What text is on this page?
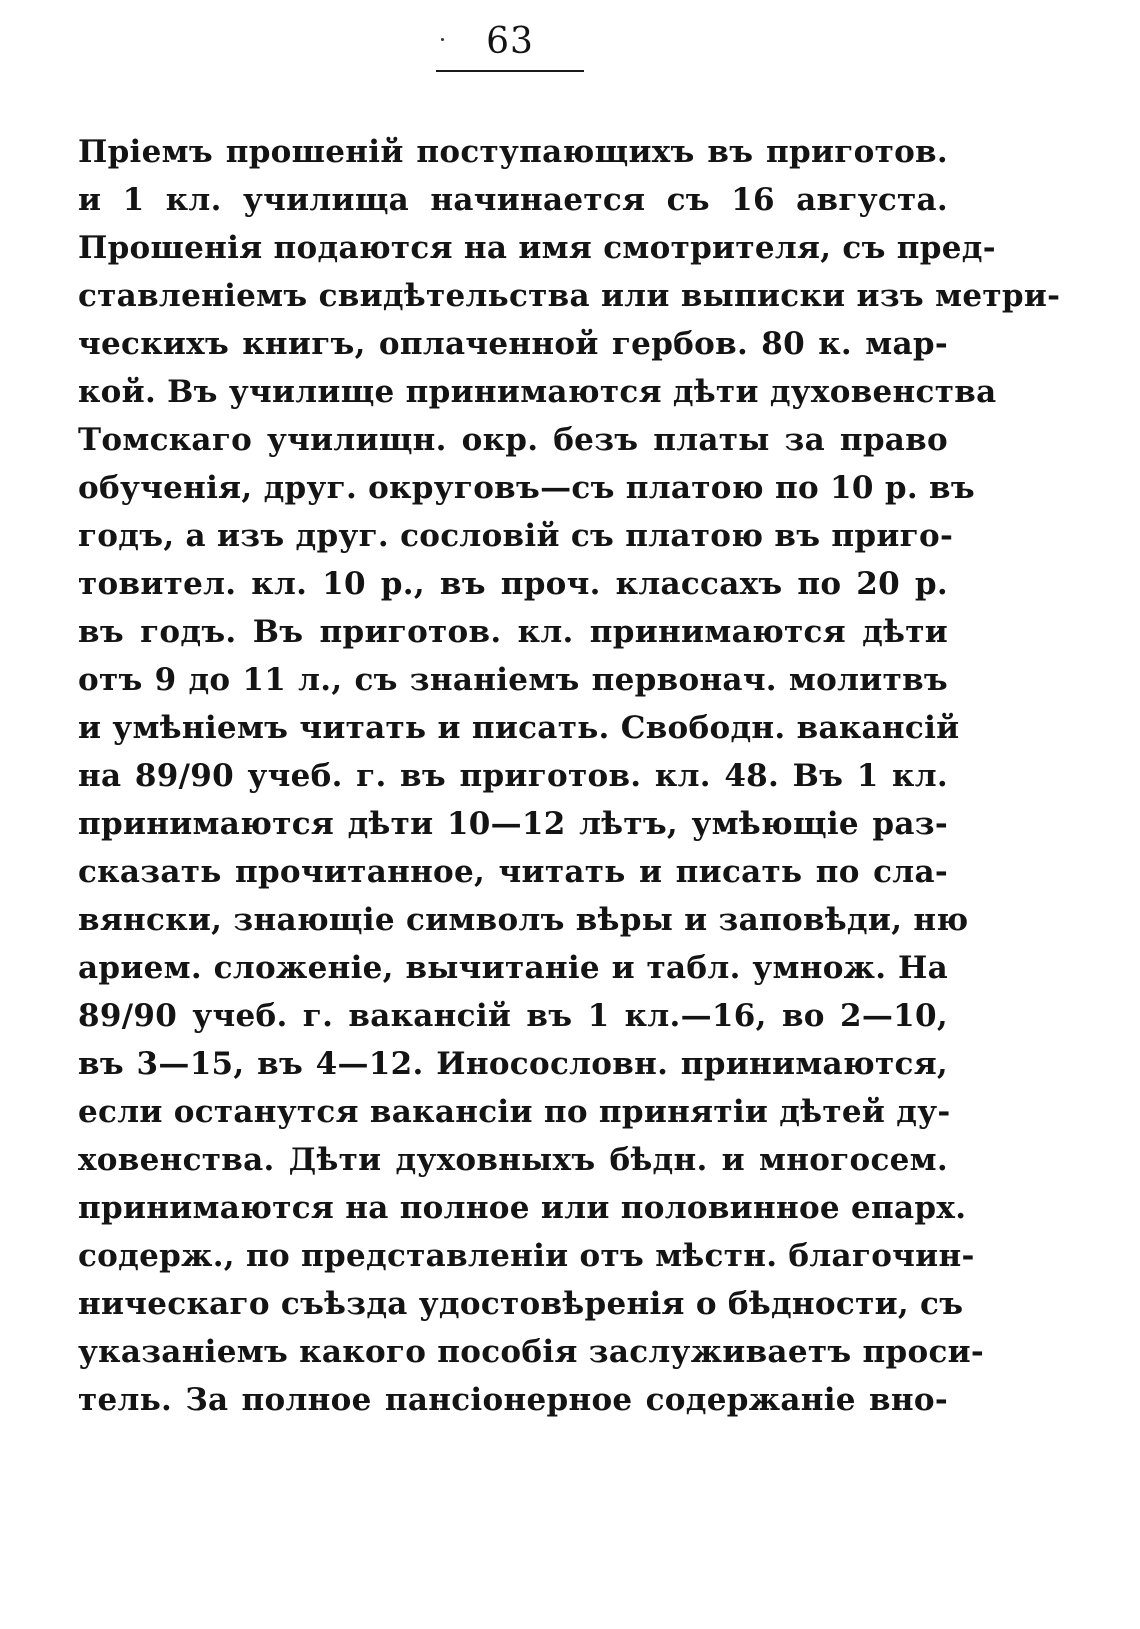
63
Прieмъ прошенiй поступающихъ въ приготов.
и 1 кл. училища начинается съ 16 августа.
Прошенiя подаются на имя смотрителя, съ пред-
ставленiемъ свидѣтельства или выписки изъ метри-
ческихъ книгъ, оплаченной гербов. 80 к. мар-
кой. Въ училище принимаются дѣти духовенства
Томскаго училищн. окр. безъ платы за право
обученiя, друг. округовъ—съ платою по 10 р. въ
годъ, а изъ друг. сословiй съ платою въ приго-
товител. кл. 10 р., въ проч. классахъ по 20 р.
въ годъ. Въ приготов. кл. принимаются дѣти
отъ 9 до 11 л., съ знанiемъ первонач. молитвъ
и умѣнiемъ читать и писать. Свободн. вакансiй
на 89/90 учеб. г. въ приготов. кл. 48. Въ 1 кл.
принимаются дѣти 10—12 лѣтъ, умѣющiе раз-
сказать прочитанное, читать и писать по сла-
вянски, знающiе символъ вѣры и заповѣди, ню
арием. сложенiе, вычитанiе и табл. умнож. На
89/90 учеб. г. вакансiй въ 1 кл.—16, во 2—10,
въ 3—15, въ 4—12. Иносословн. принимаются,
если останутся вакансiи по принятiи дѣтей ду-
ховенства. Дѣти духовныхъ бѣдн. и многосем.
принимаются на полное или половинное епарх.
содерж., по представленiи отъ мѣстн. благочин-
ническаго съѣзда удостовѣренiя о бѣдности, съ
указанiемъ какого пособiя заслуживаетъ проси-
тель. За полное пансiонерное содержанiе вно-
